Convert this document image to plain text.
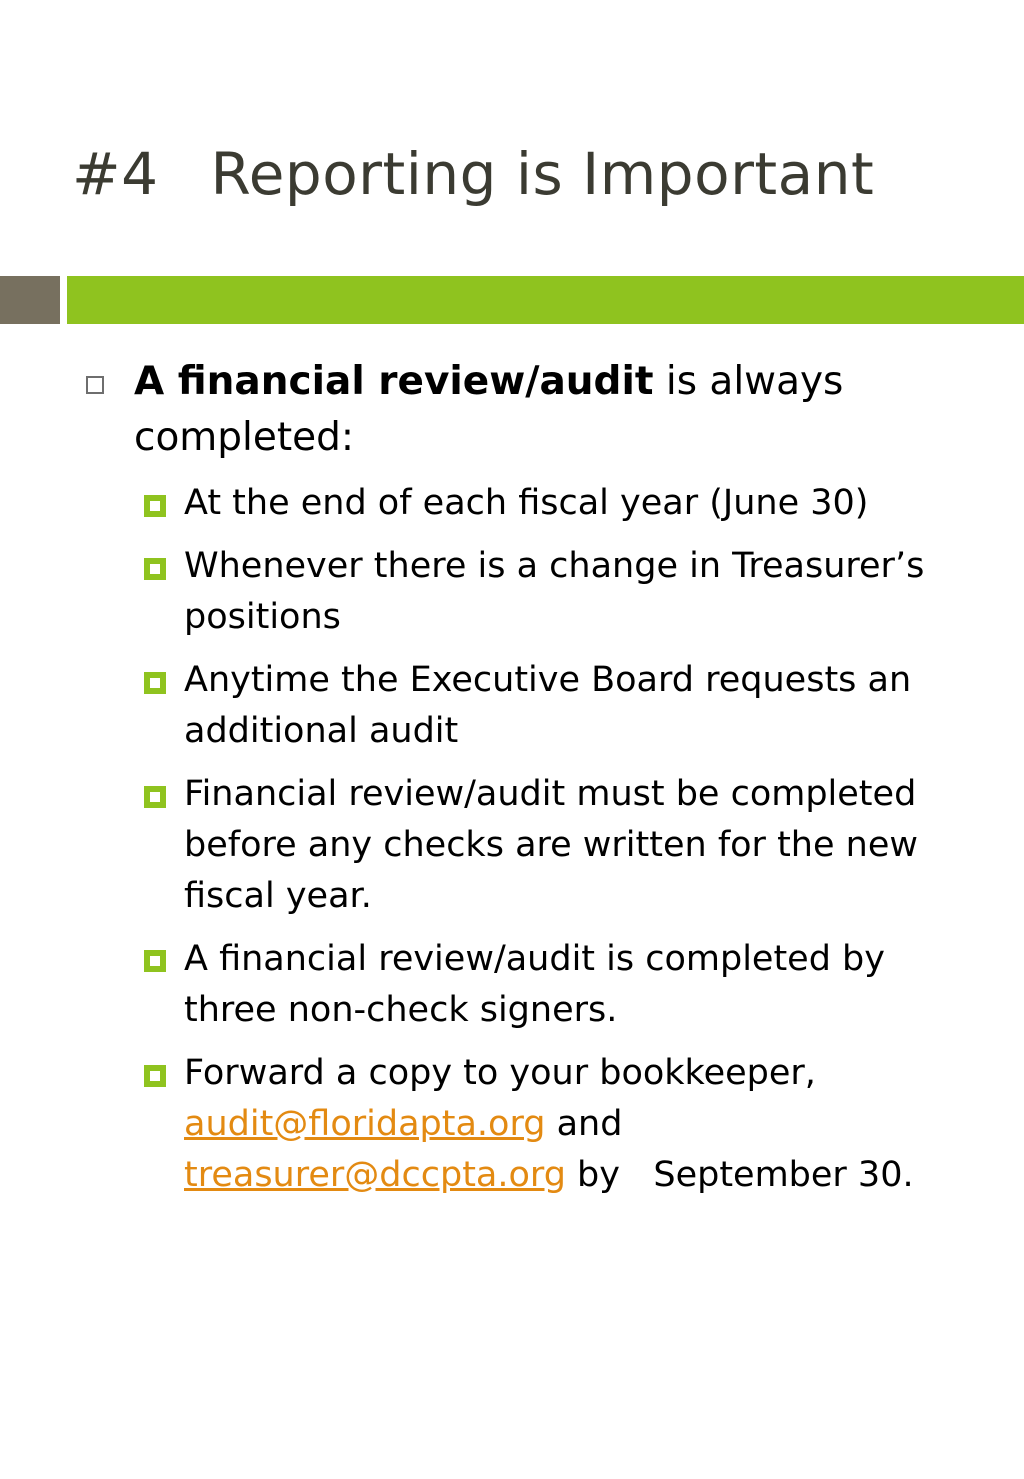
#4 Reporting is Important
A financial review/audit is always completed:
At the end of each fiscal year (June 30)
Whenever there is a change in Treasurer’s positions
Anytime the Executive Board requests an additional audit
Financial review/audit must be completed before any checks are written for the new fiscal year.
A financial review/audit is completed by three non-check signers.
Forward a copy to your bookkeeper, audit@floridapta.org and
treasurer@dccpta.org by   September 30.
